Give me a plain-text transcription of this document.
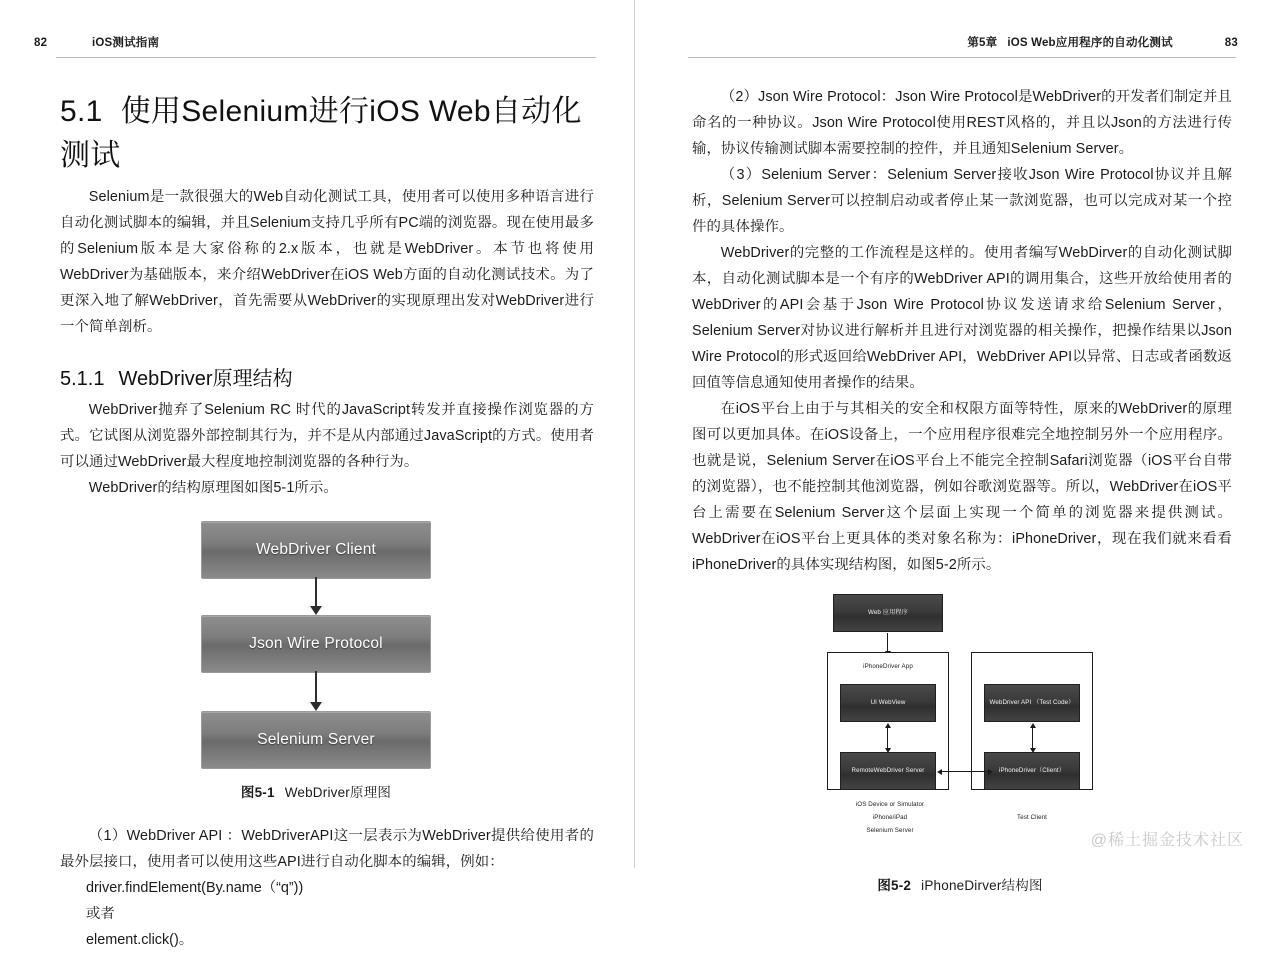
82	iOS测试指南
5.1 使用Selenium进行iOS Web自动化测试

Selenium是一款很强大的Web自动化测试工具，使用者可以使用多种语言进行自动化测试脚本的编辑，并且Selenium支持几乎所有PC端的浏览器。现在使用最多的Selenium版本是大家俗称的2.x版本，也就是WebDriver。本节也将使用WebDriver为基础版本，来介绍WebDriver在iOS Web方面的自动化测试技术。为了更深入地了解WebDriver，首先需要从WebDriver的实现原理出发对WebDriver进行一个简单剖析。

5.1.1 WebDriver原理结构

WebDriver抛弃了Selenium RC 时代的JavaScript转发并直接操作浏览器的方式。它试图从浏览器外部控制其行为，并不是从内部通过JavaScript的方式。使用者可以通过WebDriver最大程度地控制浏览器的各种行为。

WebDriver的结构原理图如图5-1所示。

WebDriver Client
Json Wire Protocol
Selenium Server
图5-1 WebDriver原理图

（1）WebDriver API ：WebDriverAPI这一层表示为WebDriver提供给使用者的最外层接口，使用者可以使用这些API进行自动化脚本的编辑，例如：

driver.findElement(By.name（“q”))

或者

element.click()。

第5章 iOS Web应用程序的自动化测试	83

（2）Json Wire Protocol：Json Wire Protocol是WebDriver的开发者们制定并且命名的一种协议。Json Wire Protocol使用REST风格的，并且以Json的方法进行传输，协议传输测试脚本需要控制的控件，并且通知Selenium Server。

（3）Selenium Server：Selenium Server接收Json Wire Protocol协议并且解析，Selenium Server可以控制启动或者停止某一款浏览器，也可以完成对某一个控件的具体操作。

WebDriver的完整的工作流程是这样的。使用者编写WebDirver的自动化测试脚本，自动化测试脚本是一个有序的WebDriver API的调用集合，这些开放给使用者的WebDriver的API会基于Json Wire Protocol协议发送请求给Selenium Server，Selenium Server对协议进行解析并且进行对浏览器的相关操作，把操作结果以Json Wire Protocol的形式返回给WebDriver API，WebDriver API以异常、日志或者函数返回值等信息通知使用者操作的结果。

在iOS平台上由于与其相关的安全和权限方面等特性，原来的WebDriver的原理图可以更加具体。在iOS设备上，一个应用程序很难完全地控制另外一个应用程序。也就是说，Selenium Server在iOS平台上不能完全控制Safari浏览器（iOS平台自带的浏览器），也不能控制其他浏览器，例如谷歌浏览器等。所以，WebDriver在iOS平台上需要在Selenium Server这个层面上实现一个简单的浏览器来提供测试。WebDriver在iOS平台上更具体的类对象名称为：iPhoneDriver，现在我们就来看看iPhoneDriver的具体实现结构图，如图5-2所示。

Web 应用程序
iPhoneDriver App
UI WebView
RemoteWebDriver Server
WebDriver API （Test Code）
iPhoneDriver（Client）
iOS Device or Simulator
iPhone/iPad
Selenium Server
Test Client
图5-2 iPhoneDirver结构图
@稀土掘金技术社区
